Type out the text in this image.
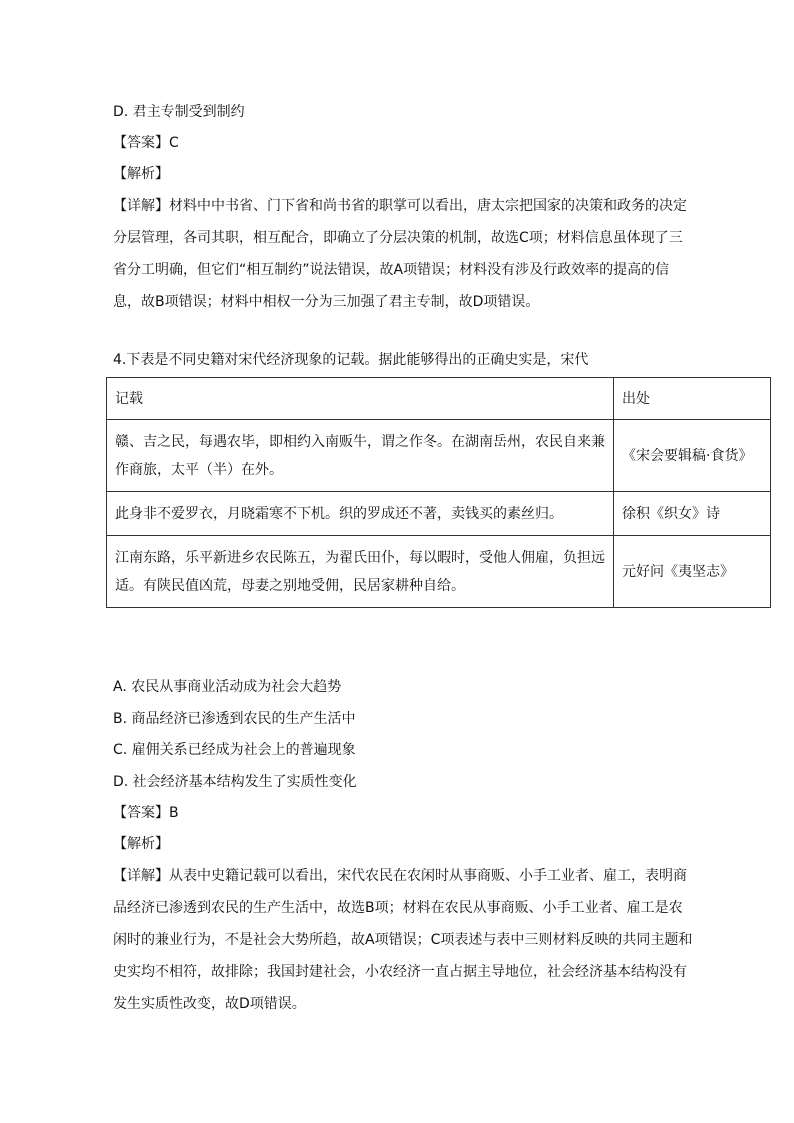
D. 君主专制受到制约
【答案】C
【解析】
【详解】材料中中书省、门下省和尚书省的职掌可以看出，唐太宗把国家的决策和政务的决定分层管理，各司其职，相互配合，即确立了分层决策的机制，故选C项；材料信息虽体现了三省分工明确，但它们“相互制约”说法错误，故A项错误；材料没有涉及行政效率的提高的信息，故B项错误；材料中相权一分为三加强了君主专制，故D项错误。
4.下表是不同史籍对宋代经济现象的记载。据此能够得出的正确史实是，宋代
记载	出处
赣、吉之民，每遇农毕，即相约入南贩牛，谓之作冬。在湖南岳州，农民自来兼作商旅，太平（半）在外。	《宋会要辑稿·食货》
此身非不爱罗衣，月晓霜寒不下机。织的罗成还不著，卖钱买的素丝归。	徐积《织女》诗
江南东路，乐平新进乡农民陈五，为翟氏田仆，每以暇时，受他人佣雇，负担远适。有陕民值凶荒，母妻之别地受佣，民居家耕种自给。	元好问《夷坚志》
A. 农民从事商业活动成为社会大趋势
B. 商品经济已渗透到农民的生产生活中
C. 雇佣关系已经成为社会上的普遍现象
D. 社会经济基本结构发生了实质性变化
【答案】B
【解析】
【详解】从表中史籍记载可以看出，宋代农民在农闲时从事商贩、小手工业者、雇工，表明商品经济已渗透到农民的生产生活中，故选B项；材料在农民从事商贩、小手工业者、雇工是农闲时的兼业行为，不是社会大势所趋，故A项错误；C项表述与表中三则材料反映的共同主题和史实均不相符，故排除；我国封建社会，小农经济一直占据主导地位，社会经济基本结构没有发生实质性改变，故D项错误。
